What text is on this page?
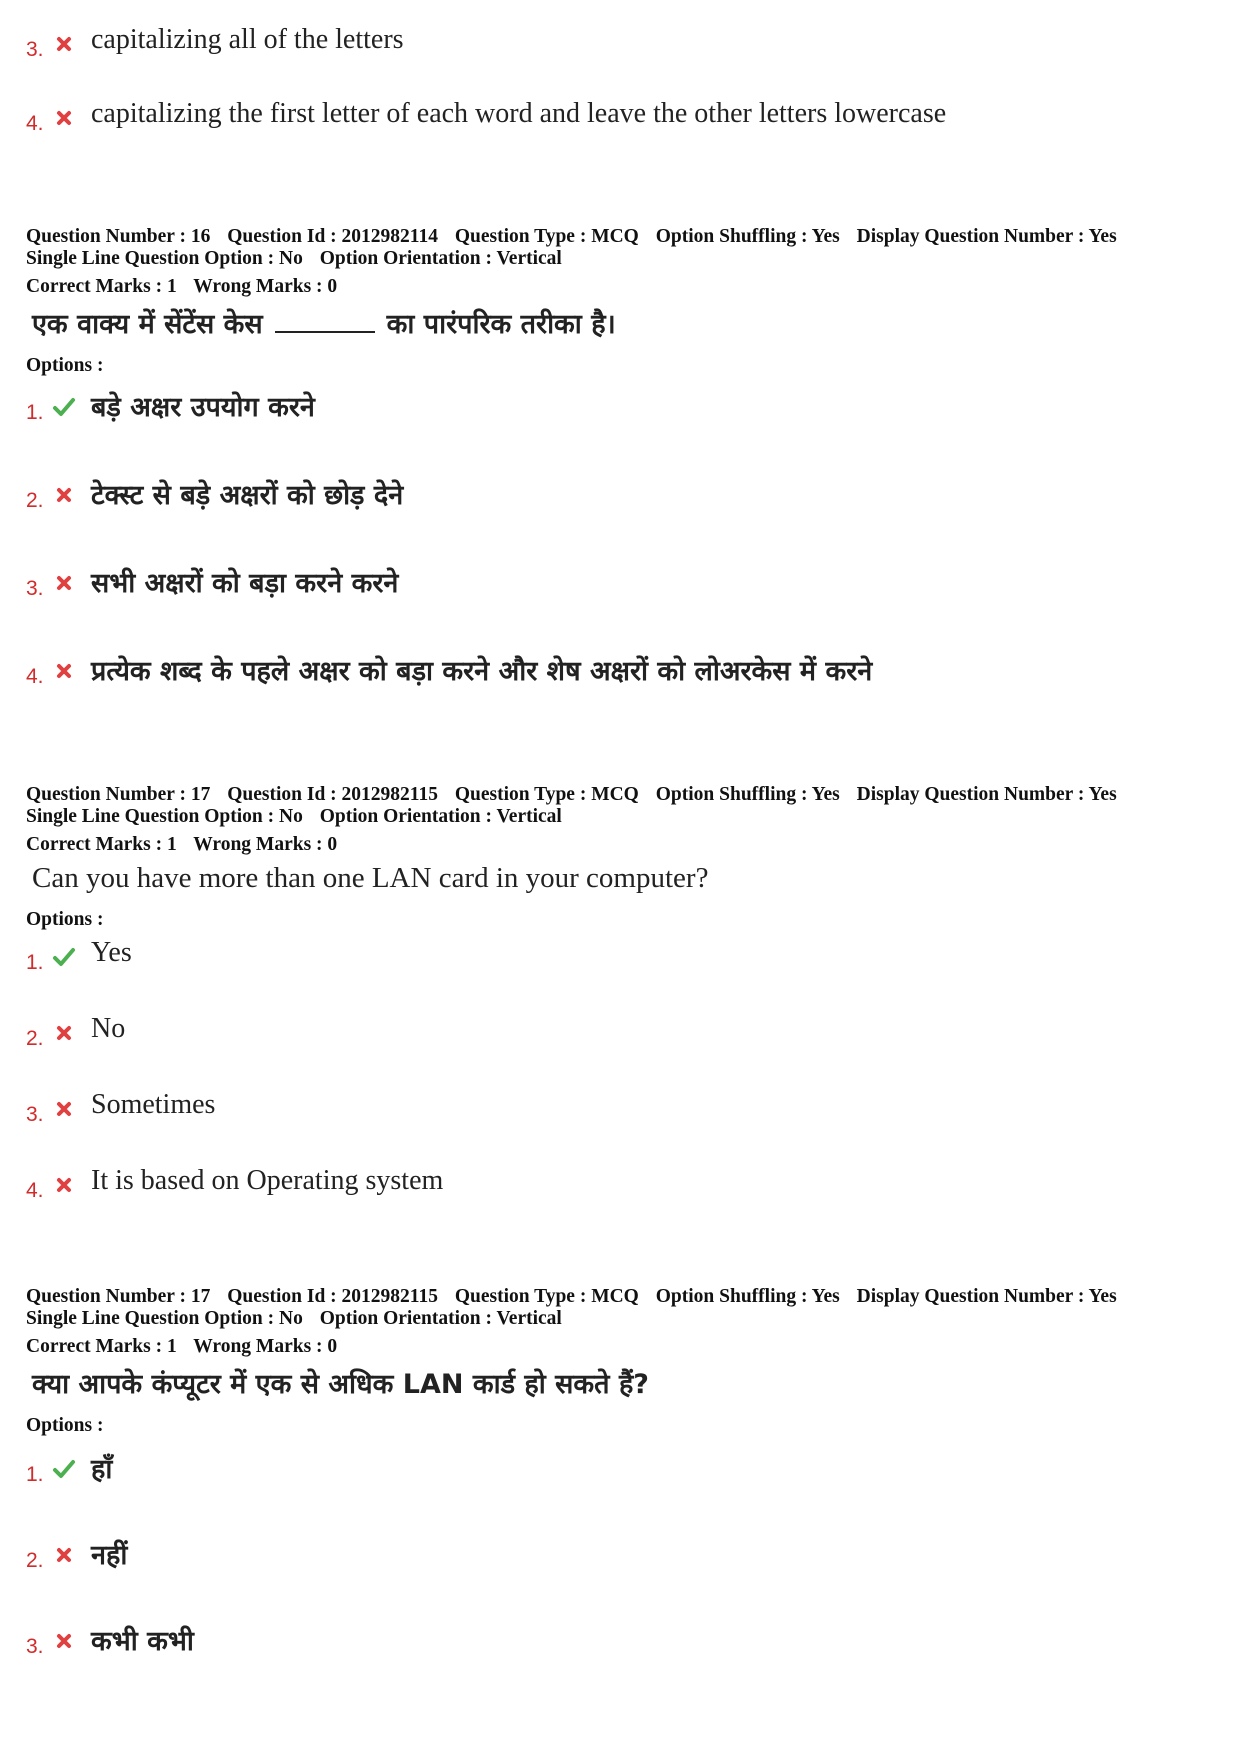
3. capitalizing all of the letters
4. capitalizing the first letter of each word and leave the other letters lowercase
Question Number : 16 Question Id : 2012982114 Question Type : MCQ Option Shuffling : Yes Display Question Number : Yes
Single Line Question Option : No Option Orientation : Vertical
Correct Marks : 1 Wrong Marks : 0
एक वाक्य में सेंटेंस केस	का पारंपरिक तरीका है।
Options :
1. बड़े अक्षर उपयोग करने
2. टेक्स्ट से बड़े अक्षरों को छोड़ देने
3. सभी अक्षरों को बड़ा करने करने
4. प्रत्येक शब्द के पहले अक्षर को बड़ा करने और शेष अक्षरों को लोअरकेस में करने
Question Number : 17 Question Id : 2012982115 Question Type : MCQ Option Shuffling : Yes Display Question Number : Yes
Single Line Question Option : No Option Orientation : Vertical
Correct Marks : 1 Wrong Marks : 0
Can you have more than one LAN card in your computer?
Options :
1. Yes
2. No
3. Sometimes
4. It is based on Operating system
Question Number : 17 Question Id : 2012982115 Question Type : MCQ Option Shuffling : Yes Display Question Number : Yes
Single Line Question Option : No Option Orientation : Vertical
Correct Marks : 1 Wrong Marks : 0
क्या आपके कंप्यूटर में एक से अधिक LAN कार्ड हो सकते हैं?
Options :
1. हाँ
2. नहीं
3. कभी कभी
